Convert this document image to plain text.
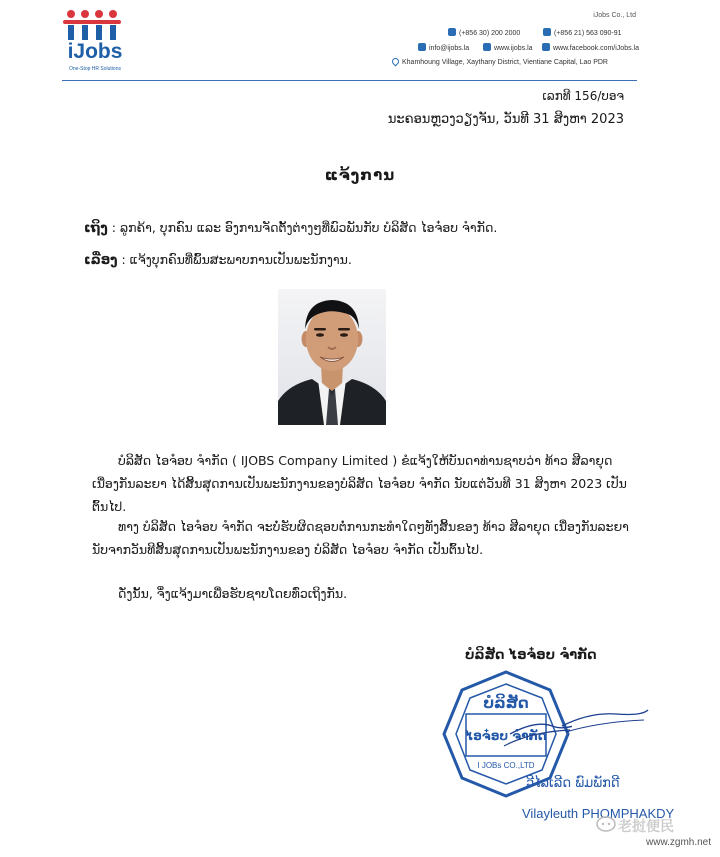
iJobs
One-Stop HR Solutions
iJobs Co., Ltd
(+856 30) 200 2000	(+856 21) 563 090-91
info@ijobs.la	www.ijobs.la	www.facebook.com/iJobs.la
Khamhoung Village, Xaythany District, Vientiane Capital, Lao PDR
ເລກທີ 156/ບອຈ
ນະຄອນຫຼວງວຽງຈັນ, ວັນທີ 31 ສິງຫາ 2023
ແຈ້ງການ
ເຖິງ : ລູກຄ້າ, ບຸກຄົນ ແລະ ອົງການຈັດຕັ້ງຕ່າງໆທີ່ພົວພັນກັບ ບໍລິສັດ ໄອຈ໋ອບ ຈຳກັດ.
ເລື່ອງ : ແຈ້ງບຸກຄົນທີ່ພົ້ນສະພາບການເປັນພະນັກງານ.
ບໍລິສັດ ໄອຈ໋ອບ ຈຳກັດ ( IJOBS Company Limited ) ຂໍແຈ້ງໃຫ້ບັນດາທ່ານຊາບວ່າ ທ້າວ ສີລາຍຸດ ເນື່ອງກັນລະຍາ ໄດ້ສິ້ນສຸດການເປັນພະນັກງານຂອງບໍລິສັດ ໄອຈ໋ອບ ຈຳກັດ ນັບແຕ່ວັນທີ 31 ສິງຫາ 2023 ເປັນຕົ້ນໄປ.
ທາງ ບໍລິສັດ ໄອຈ໋ອບ ຈຳກັດ ຈະບໍ່ຮັບຜິດຊອບຕໍ່ການກະທຳໃດໆທັງສິ້ນຂອງ ທ້າວ ສີລາຍຸດ ເນື່ອງກັນລະຍາ ນັບຈາກວັນທີສິ້ນສຸດການເປັນພະນັກງານຂອງ ບໍລິສັດ ໄອຈ໋ອບ ຈຳກັດ ເປັນຕົ້ນໄປ.
ດັ່ງນັ້ນ, ຈຶ່ງແຈ້ງມາເພື່ອຮັບຊາບໂດຍທົ່ວເຖິງກັນ.
ບໍລິສັດ ໄອຈ໋ອບ ຈຳກັດ
ບໍລິສັດ
ໄອຈ໋ອບ ຈຳກັດ
I JOBs CO.,LTD
ວີໄລເລີດ ພົມພັກດີ
Vilayleuth PHOMPHAKDY
老挝便民
www.zgmh.net
